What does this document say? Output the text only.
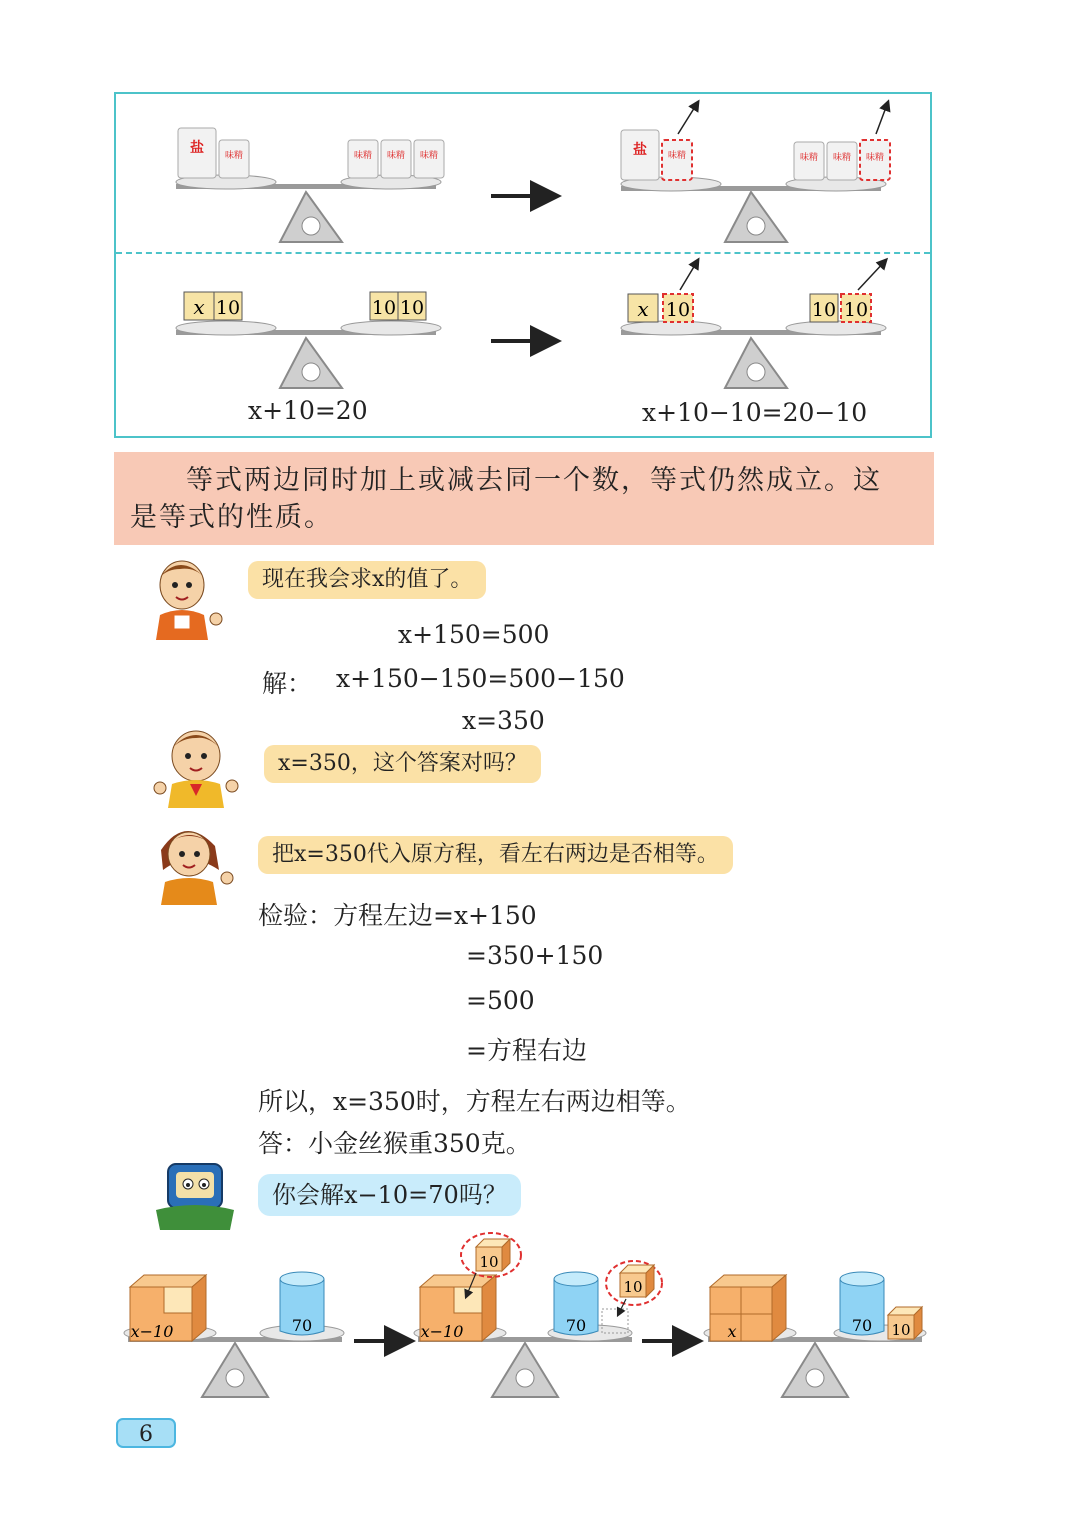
盐 味精	味精 味精 味精	盐 味精	味精 味精 味精
x 10	10 10	x 10	10 10
x+10=20	x+10−10=20−10
等式两边同时加上或减去同一个数，等式仍然成立。这
是等式的性质。
现在我会求x的值了。
x+150=500
解： x+150−150=500−150
x=350
x=350，这个答案对吗？
把x=350代入原方程，看左右两边是否相等。
检验：方程左边=x+150
=350+150
=500
=方程右边
所以，x=350时，方程左右两边相等。
答：小金丝猴重350克。
你会解x−10=70吗？
x−10	70	x−10
10
70
10
x	70 10
6
